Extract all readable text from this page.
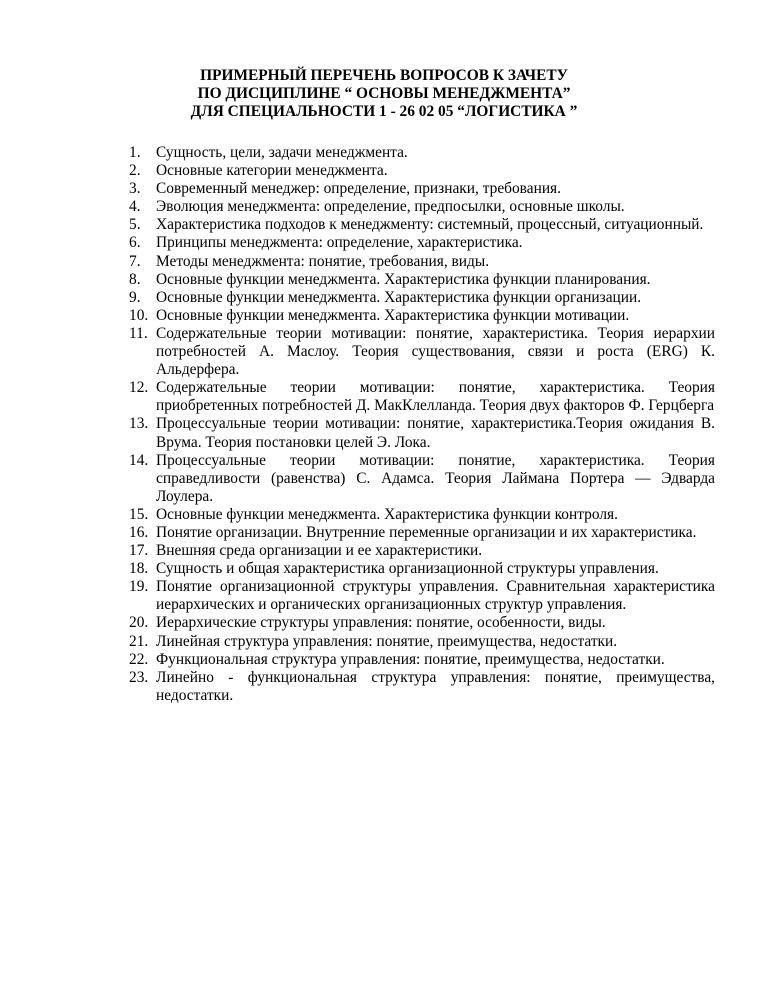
ПРИМЕРНЫЙ ПЕРЕЧЕНЬ ВОПРОСОВ К ЗАЧЕТУ
ПО ДИСЦИПЛИНЕ “ ОСНОВЫ МЕНЕДЖМЕНТА”
ДЛЯ СПЕЦИАЛЬНОСТИ 1 - 26 02 05 “ЛОГИСТИКА ”
1. Сущность, цели, задачи менеджмента.
2. Основные категории менеджмента.
3. Современный менеджер: определение, признаки, требования.
4. Эволюция менеджмента: определение, предпосылки, основные школы.
5. Характеристика подходов к менеджменту: системный, процессный, ситуационный.
6. Принципы менеджмента: определение, характеристика.
7. Методы менеджмента: понятие, требования, виды.
8. Основные функции менеджмента. Характеристика функции планирования.
9. Основные функции менеджмента. Характеристика функции организации.
10. Основные функции менеджмента. Характеристика функции мотивации.
11. Содержательные теории мотивации: понятие, характеристика. Теория иерархии потребностей А. Маслоу. Теория существования, связи и роста (ERG) К. Альдерфера.
12. Содержательные теории мотивации: понятие, характеристика. Теория приобретенных потребностей Д. МакКлелланда. Теория двух факторов Ф. Герцберга
13. Процессуальные теории мотивации: понятие, характеристика.Теория ожидания В. Врума. Теория постановки целей Э. Лока.
14. Процессуальные теории мотивации: понятие, характеристика. Теория справедливости (равенства) С. Адамса. Теория Лаймана Портера — Эдварда Лоулера.
15. Основные функции менеджмента. Характеристика функции контроля.
16. Понятие организации. Внутренние переменные организации и их характеристика.
17. Внешняя среда организации и ее характеристики.
18. Сущность и общая характеристика организационной структуры управления.
19. Понятие организационной структуры управления. Сравнительная характеристика иерархических и органических организационных структур управления.
20. Иерархические структуры управления: понятие, особенности, виды.
21. Линейная структура управления: понятие, преимущества, недостатки.
22. Функциональная структура управления: понятие, преимущества, недостатки.
23. Линейно - функциональная структура управления: понятие, преимущества, недостатки.
